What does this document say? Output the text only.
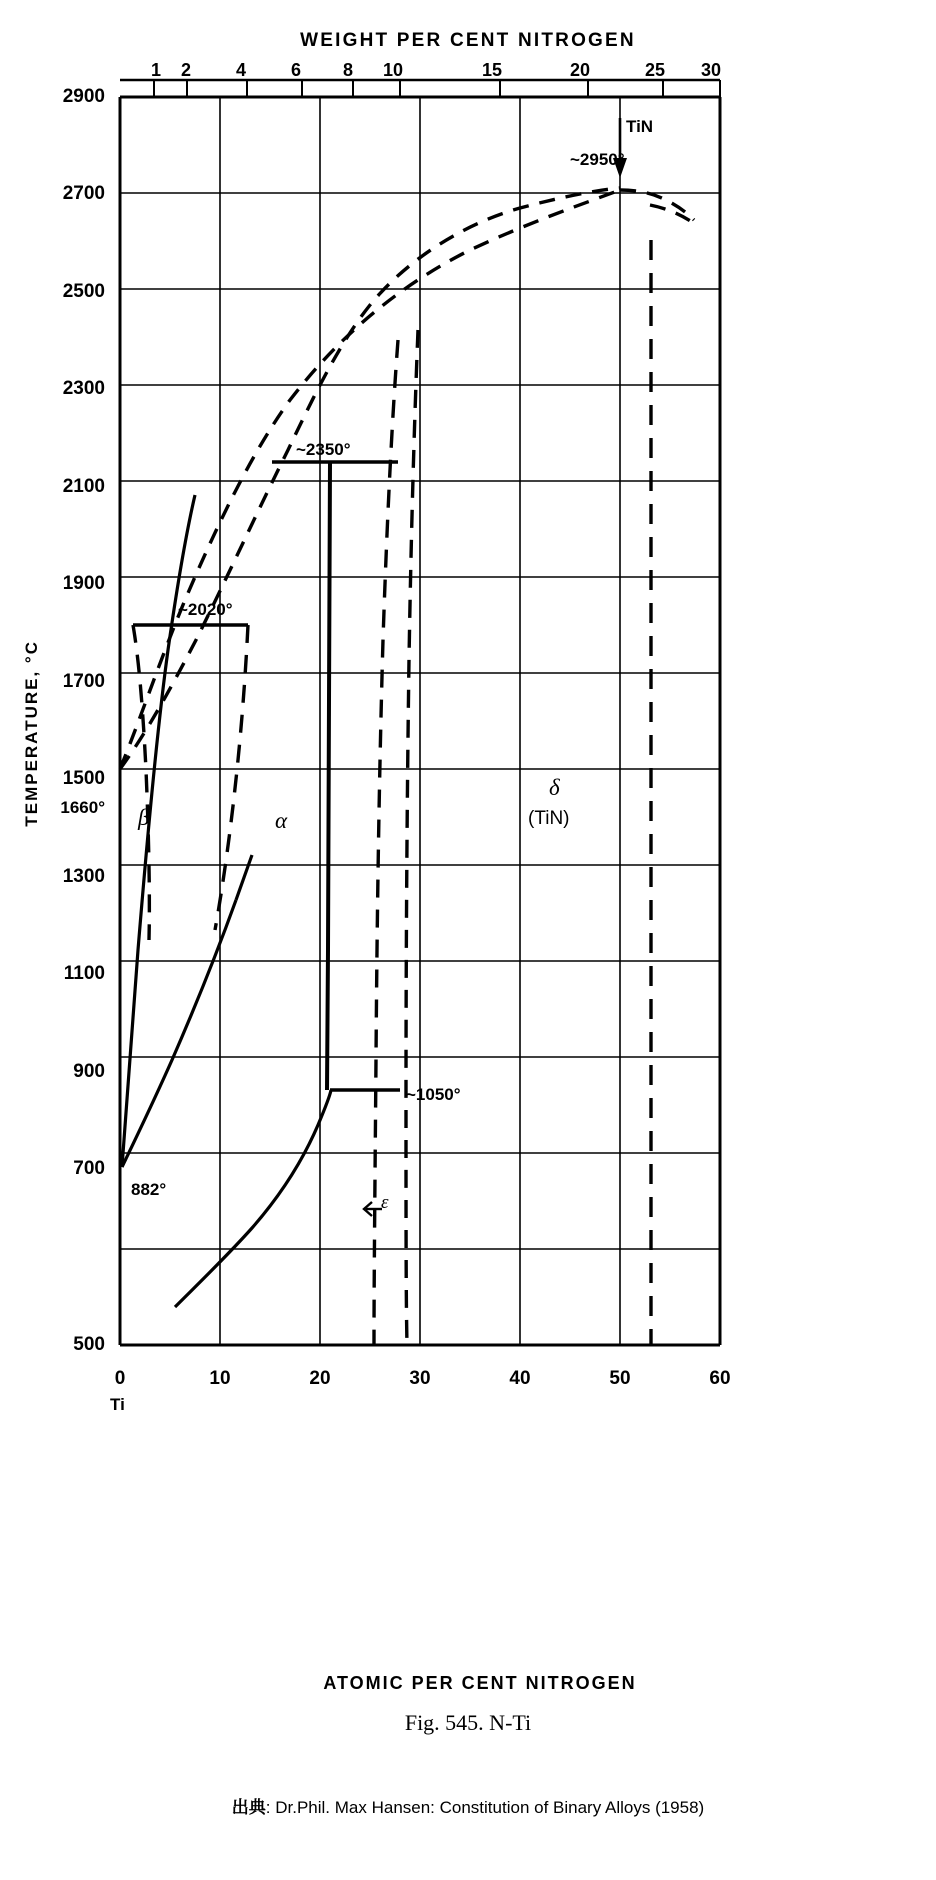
WEIGHT PER CENT NITROGEN
TEMPERATURE, °C
2900
2700
2500
2300
2100
1900
1700
1500
1660°
1300
1100
900
700
500
0	10	20	30	40	50	60
Ti
1	2	4	6	8	10	15	20	25	30
TiN
~2950°
~2350°
~2020°
~1050°
882°
β	α
δ
(TiN)
ε
ATOMIC PER CENT NITROGEN
Fig. 545. N-Ti
出典: Dr.Phil. Max Hansen: Constitution of Binary Alloys (1958)
